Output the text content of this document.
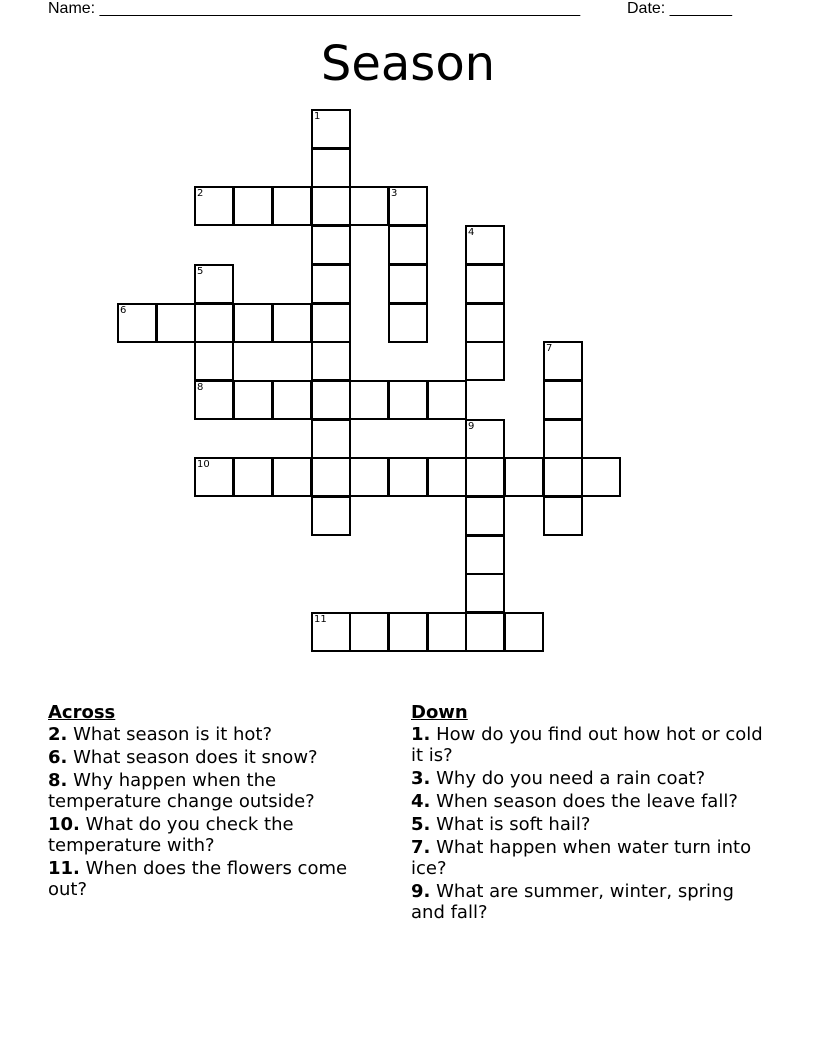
Name: ______________________________________________________	Date: _______
Season
1
2	3
4
5
6
7
8
9
10
11
Across
2. What season is it hot?
6. What season does it snow?
8. Why happen when the temperature change outside?
10. What do you check the temperature with?
11. When does the flowers come out?
Down
1. How do you find out how hot or cold it is?
3. Why do you need a rain coat?
4. When season does the leave fall?
5. What is soft hail?
7. What happen when water turn into ice?
9. What are summer, winter, spring and fall?
